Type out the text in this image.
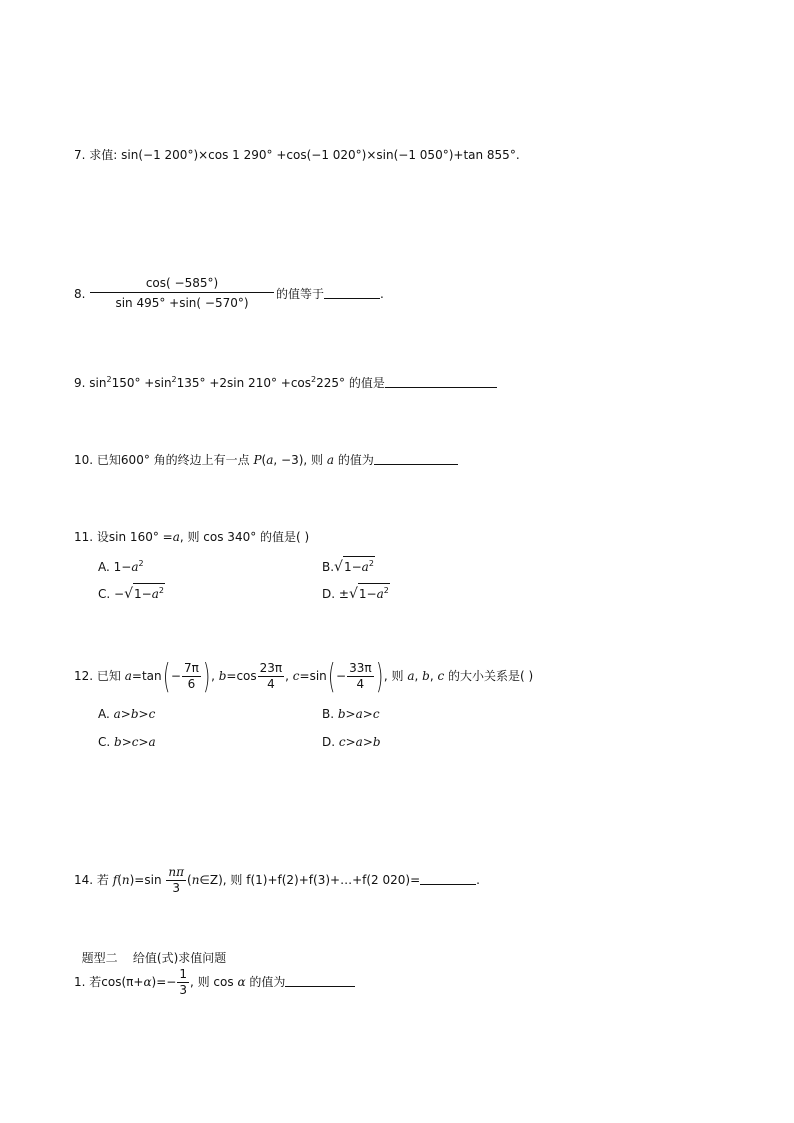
7. 求值: sin(−1 200°)×cos 1 290° +cos(−1 020°)×sin(−1 050°)+tan 855°.
8. $\frac{\cos( -585^\circ)}{\sin 495^\circ +\sin( -570^\circ)}$ 的值等于	.
9. $\sin^2150^\circ +\sin^2135^\circ +2\sin$ $210^\circ +\cos^2225^\circ$ 的值是
10. 已知600° 角的终边上有一点 P(a, −3), 则 a 的值为
11. 设sin 160° =a, 则 cos 340° 的值是( )
A. $1-a^2$	$B.√1-a^2$
C. $-√1-a^2$	D. $\pm√1-a^2$
12. 已知 $a=\tan(- \frac{7\pi}{6}$ ), $b=\cos \frac{23\pi}{4}$ , $c=\sin(- \frac{33\pi}{4}$ ), 则 a, b, c 的大小关系是( )
A. a>b>c	B. b>a>c
C. b>c>a	D. c>a>b
14. 若 $f(n)=\sin \frac{n\pi}{3}$ (n∈Z), 则 f(1)+f(2)+f(3)+…+f(2 020)=	.

题型二    给值(式)求值问题

1. 若$\cos(\pi+\alpha)=- \frac{1}{3}$ , 则 cos α 的值为
